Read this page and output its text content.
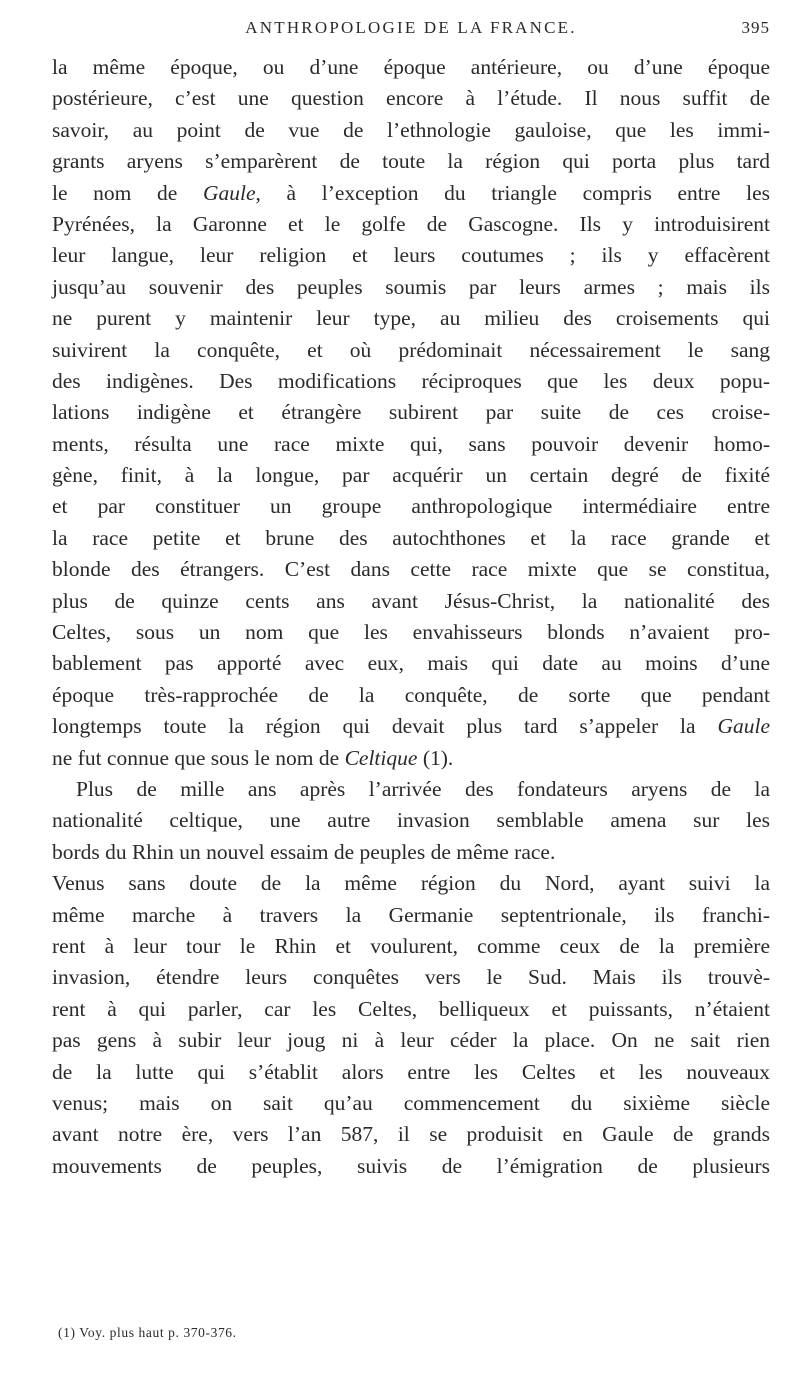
ANTHROPOLOGIE DE LA FRANCE.	395
la même époque, ou d’une époque antérieure, ou d’une époque
postérieure, c’est une question encore à l’étude. Il nous suffit de
savoir, au point de vue de l’ethnologie gauloise, que les immi-
grants aryens s’emparèrent de toute la région qui porta plus tard
le nom de Gaule, à l’exception du triangle compris entre les
Pyrénées, la Garonne et le golfe de Gascogne. Ils y introduisirent
leur langue, leur religion et leurs coutumes ; ils y effacèrent
jusqu’au souvenir des peuples soumis par leurs armes ; mais ils
ne purent y maintenir leur type, au milieu des croisements qui
suivirent la conquête, et où prédominait nécessairement le sang
des indigènes. Des modifications réciproques que les deux popu-
lations indigène et étrangère subirent par suite de ces croise-
ments, résulta une race mixte qui, sans pouvoir devenir homo-
gène, finit, à la longue, par acquérir un certain degré de fixité
et par constituer un groupe anthropologique intermédiaire entre
la race petite et brune des autochthones et la race grande et
blonde des étrangers. C’est dans cette race mixte que se constitua,
plus de quinze cents ans avant Jésus-Christ, la nationalité des
Celtes, sous un nom que les envahisseurs blonds n’avaient pro-
bablement pas apporté avec eux, mais qui date au moins d’une
époque très-rapprochée de la conquête, de sorte que pendant
longtemps toute la région qui devait plus tard s’appeler la Gaule
ne fut connue que sous le nom de Celtique (1).
Plus de mille ans après l’arrivée des fondateurs aryens de la
nationalité celtique, une autre invasion semblable amena sur les
bords du Rhin un nouvel essaim de peuples de même race.
Venus sans doute de la même région du Nord, ayant suivi la
même marche à travers la Germanie septentrionale, ils franchi-
rent à leur tour le Rhin et voulurent, comme ceux de la première
invasion, étendre leurs conquêtes vers le Sud. Mais ils trouvè-
rent à qui parler, car les Celtes, belliqueux et puissants, n’étaient
pas gens à subir leur joug ni à leur céder la place. On ne sait rien
de la lutte qui s’établit alors entre les Celtes et les nouveaux
venus; mais on sait qu’au commencement du sixième siècle
avant notre ère, vers l’an 587, il se produisit en Gaule de grands
mouvements de peuples, suivis de l’émigration de plusieurs
(1) Voy. plus haut p. 370-376.
